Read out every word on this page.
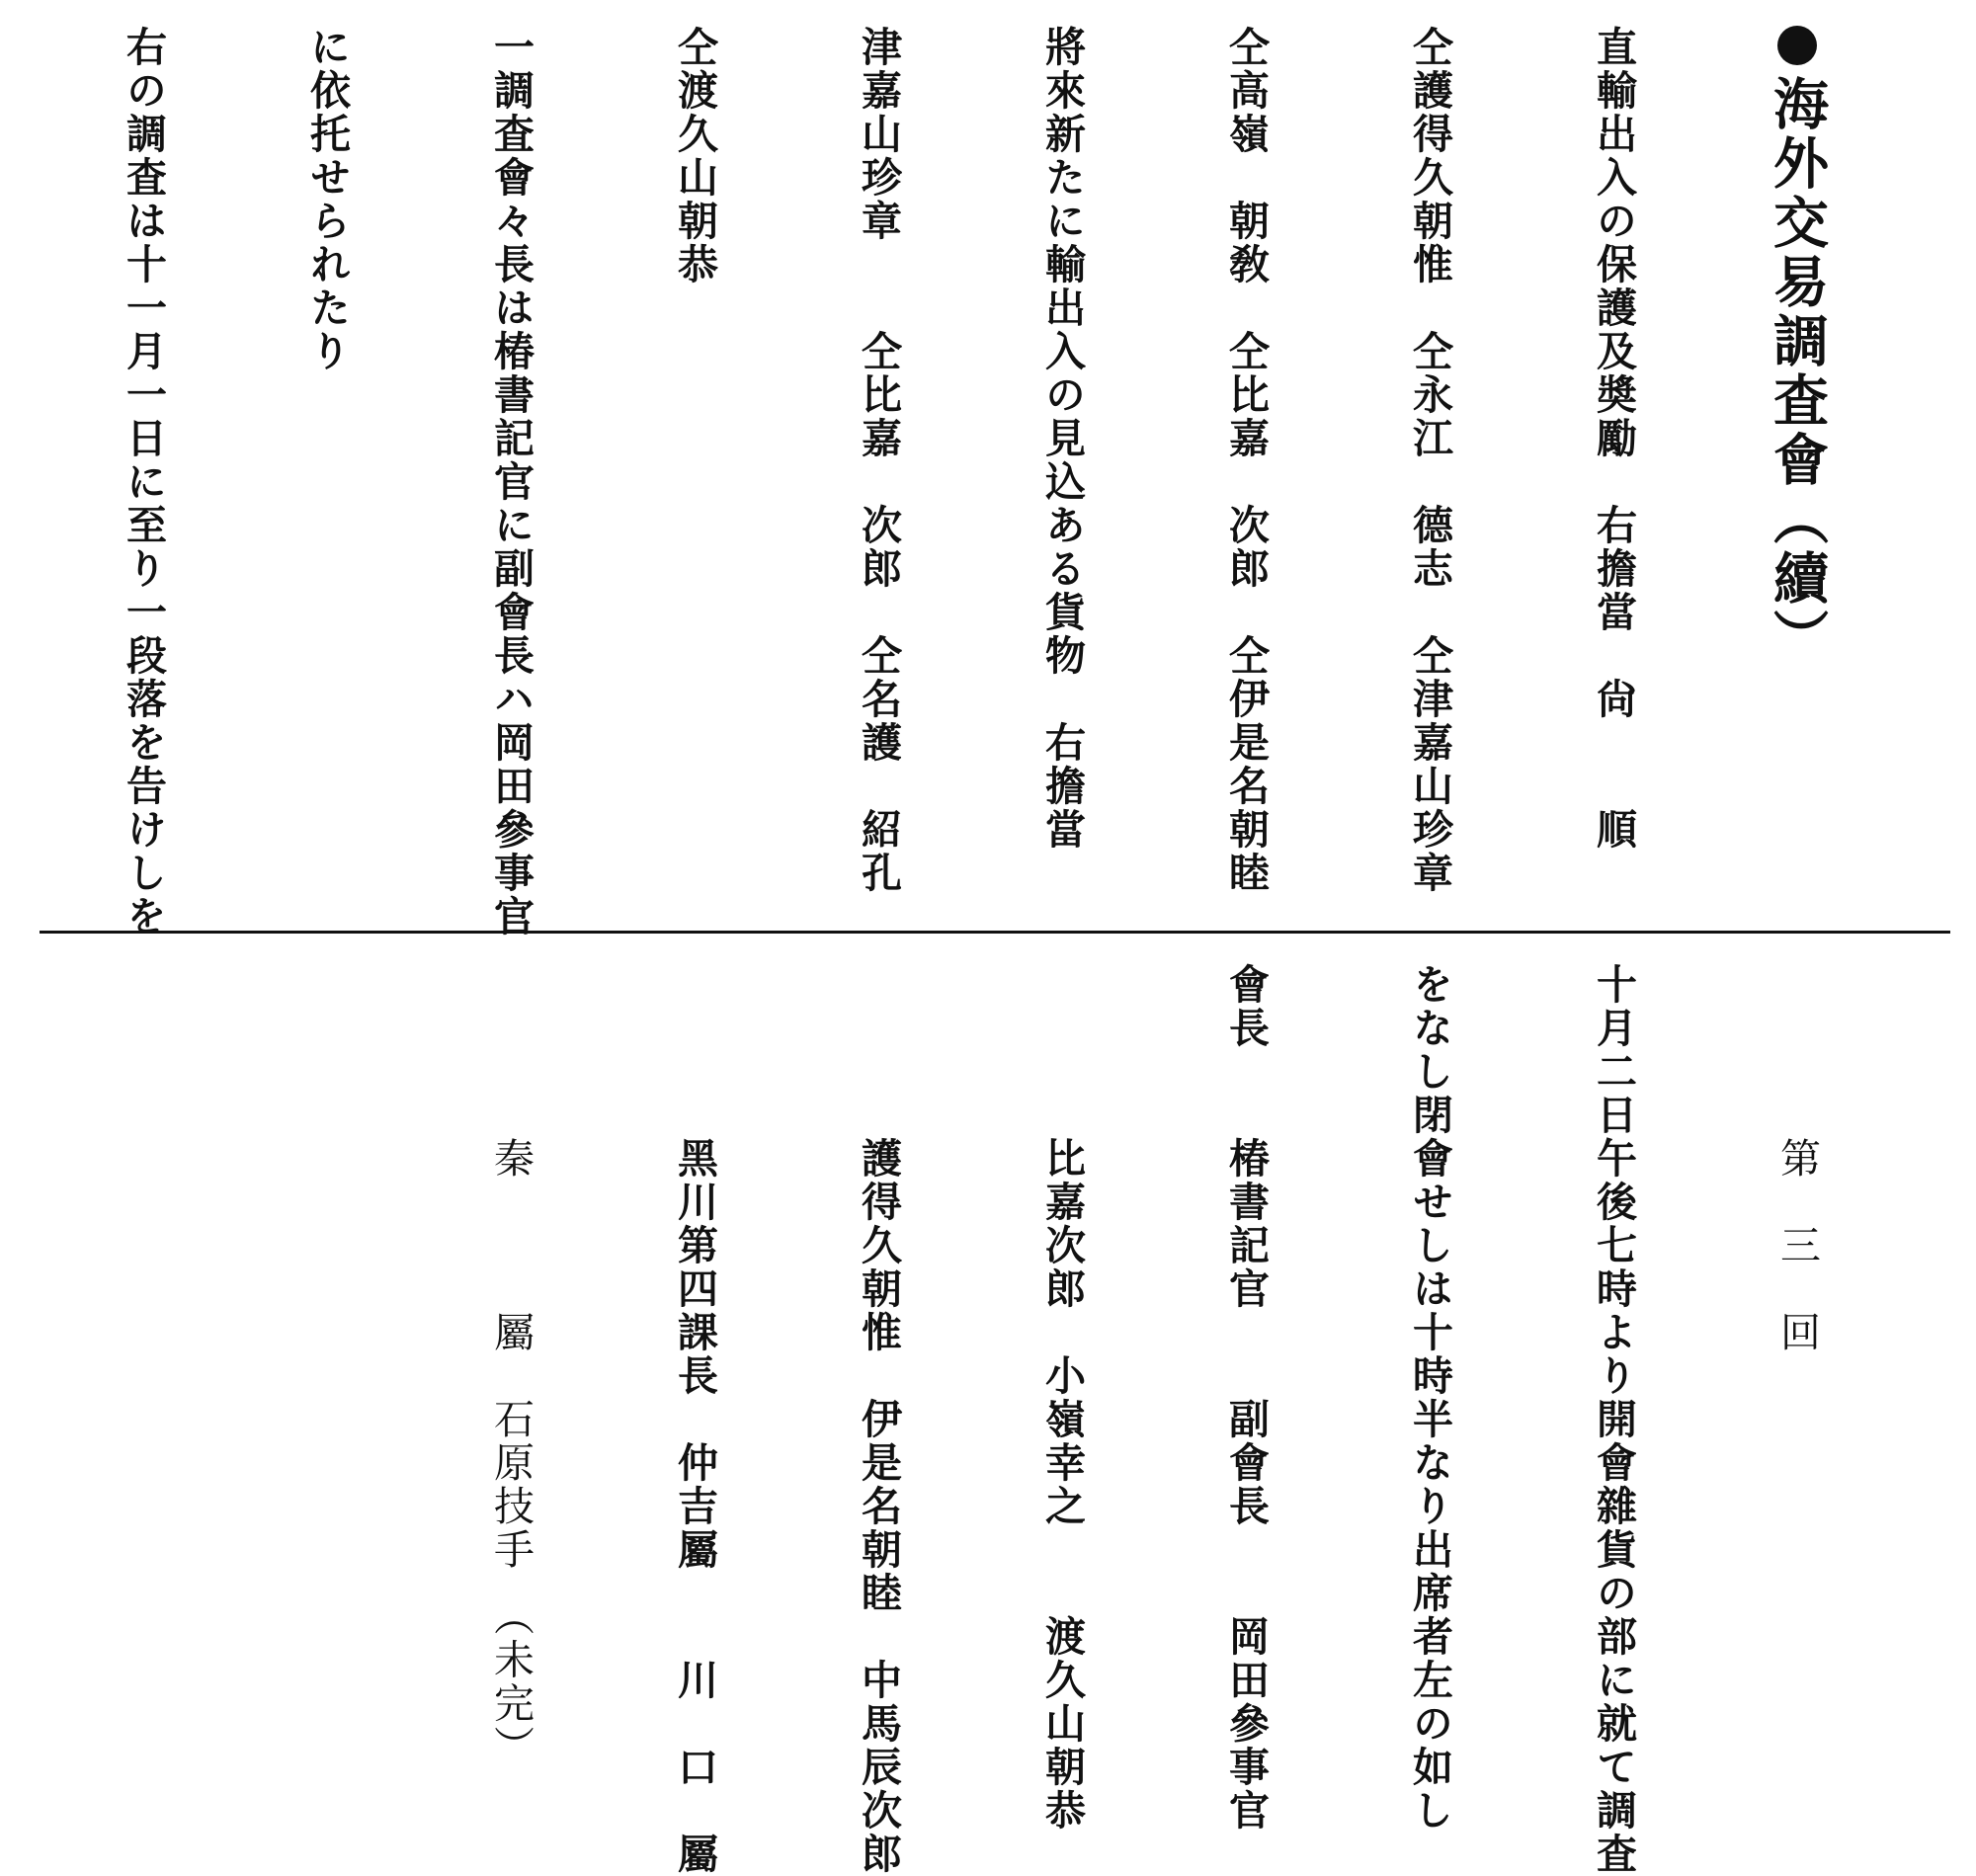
海外交易調査會（續）

直輸出入の保護及奬勵　右擔當　尙　　順

仝護得久朝惟　仝永江　德志　仝津嘉山珍章

仝高嶺　朝敎　仝比嘉　次郎　仝伊是名朝睦

將來新たに輸出入の見込ある貨物　右擔當

津嘉山珍章　　仝比嘉　次郎　仝名護　紹孔

仝渡久山朝恭

一調査會々長は椿書記官に副會長ハ岡田參事官

に依托せられたり

右の調査は十一月一日に至り一段落を告けしを

　　　　第　三　回

十月二日午後七時より開會雜貨の部に就て調査

をなし閉會せしは十時半なり出席者左の如し

會長　　椿書記官　　副會長　　岡田參事官

　　　　比嘉次郎　小嶺幸之　　渡久山朝恭

　　　　護得久朝惟　伊是名朝睦　中馬辰次郎

　　　　黑川第四課長　仲吉屬　　川　口　屬

　　　　秦　　　屬　石原技手　（未完）
